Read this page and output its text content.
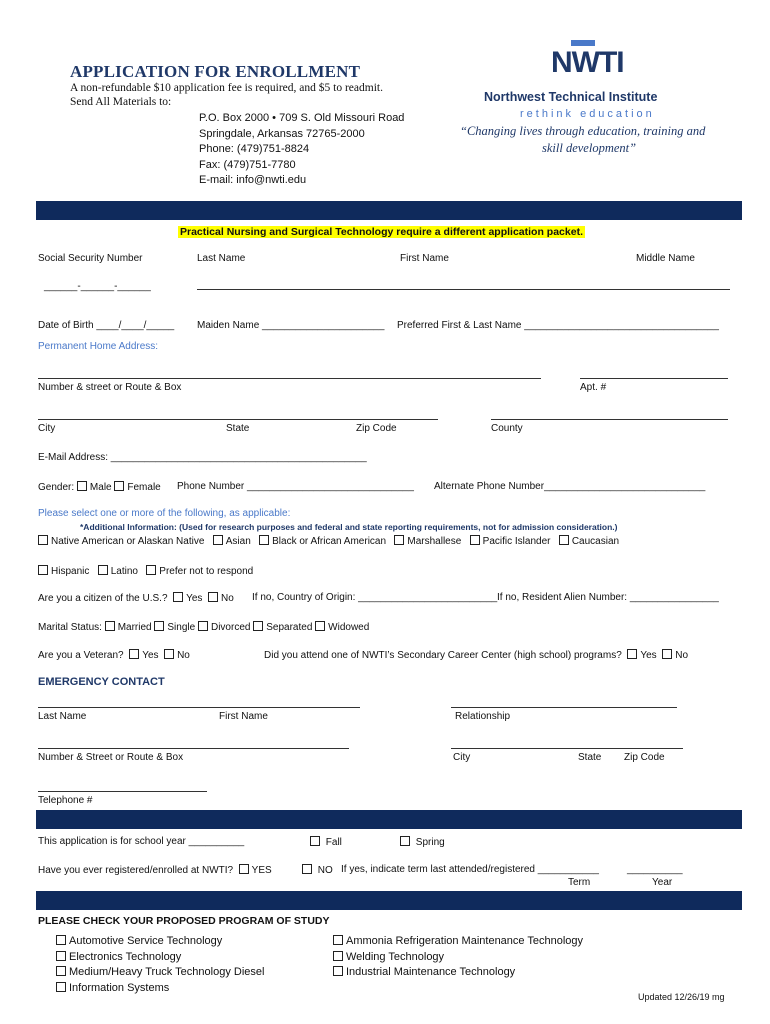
APPLICATION FOR ENROLLMENT
A non-refundable $10 application fee is required, and $5 to readmit.
Send All Materials to:
P.O. Box 2000 • 709 S. Old Missouri Road
Springdale, Arkansas 72765-2000
Phone: (479)751-8824
Fax: (479)751-7780
E-mail: info@nwti.edu
NWTI
Northwest Technical Institute
rethink education
“Changing lives through education, training and
skill development”
Practical Nursing and Surgical Technology require a different application packet.
Social Security Number	Last Name	First Name	Middle Name
______-______-______
Date of Birth ____/____/_____ Maiden Name ______________________ Preferred First & Last Name ___________________________________
Permanent Home Address:
Number & street or Route & Box	Apt. #
City	State	Zip Code	County
E-Mail Address: ______________________________________________
Gender: Male Female Phone Number ______________________________ Alternate Phone Number_____________________________
Please select one or more of the following, as applicable:
*Additional Information: (Used for research purposes and federal and state reporting requirements, not for admission consideration.)
Native American or Alaskan Native Asian Black or African American Marshallese Pacific Islander Caucasian
Hispanic Latino Prefer not to respond
Are you a citizen of the U.S.? Yes No If no, Country of Origin: _________________________ If no, Resident Alien Number: ________________
Marital Status: Married Single Divorced Separated Widowed
Are you a Veteran? Yes No	Did you attend one of NWTI’s Secondary Career Center (high school) programs? Yes No
EMERGENCY CONTACT
Last Name	First Name	Relationship
Number & Street or Route & Box	City	State Zip Code
Telephone #
This application is for school year __________	Fall	Spring
Have you ever registered/enrolled at NWTI? YES	NO If yes, indicate term last attended/registered ___________	__________
Term	Year
PLEASE CHECK YOUR PROPOSED PROGRAM OF STUDY
Automotive Service Technology
Electronics Technology
Medium/Heavy Truck Technology Diesel
Information Systems
Ammonia Refrigeration Maintenance Technology
Welding Technology
Industrial Maintenance Technology
Updated 12/26/19 mg
